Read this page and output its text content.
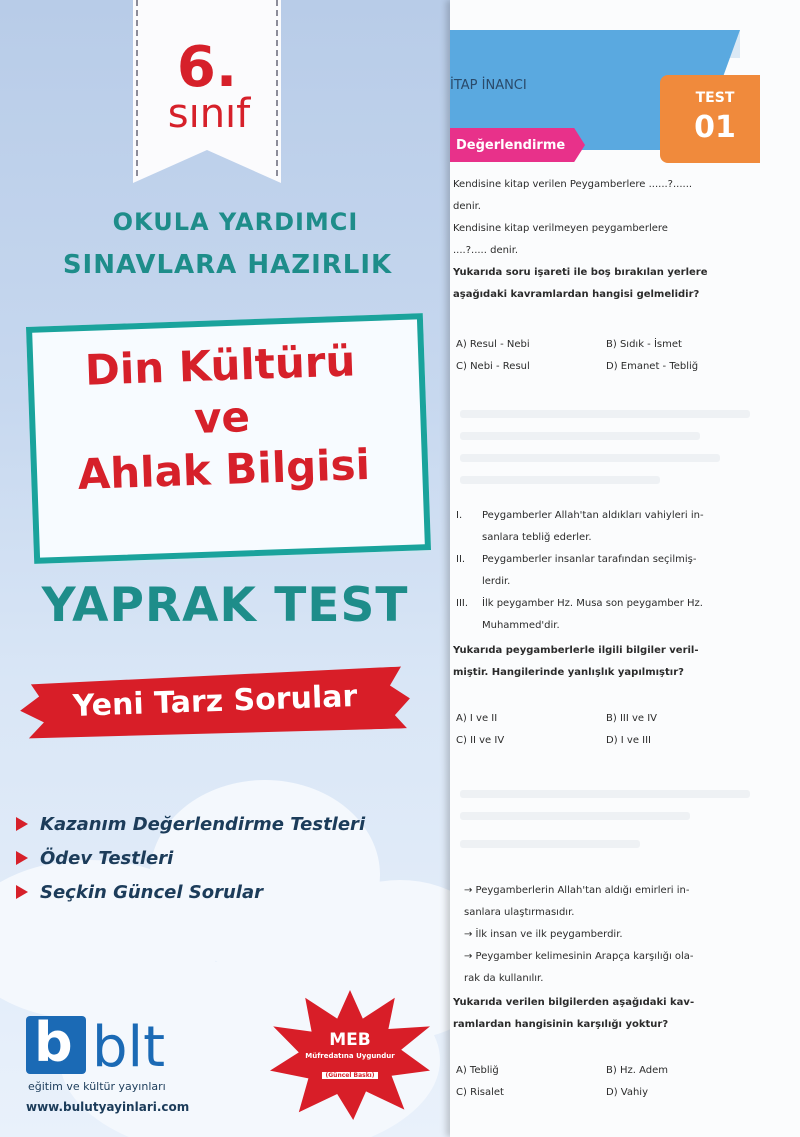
6.
sınıf
OKULA YARDIMCI
SINAVLARA HAZIRLIK
Din Kültürü
ve
Ahlak Bilgisi
YAPRAK TEST
Yeni Tarz Sorular
Kazanım Değerlendirme Testleri
Ödev Testleri
Seçkin Güncel Sorular
b blt
eğitim ve kültür yayınları
www.bulutyayinlari.com
MEB
Müfredatına Uygundur
(Güncel Baskı)
İTAP İNANCI
TEST
01
Değerlendirme
Kendisine kitap verilen Peygamberlere ......?......
denir.
Kendisine kitap verilmeyen peygamberlere
....?..... denir.
Yukarıda soru işareti ile boş bırakılan yerlere
aşağıdaki kavramlardan hangisi gelmelidir?
A) Resul - Nebi	B) Sıdık - İsmet
C) Nebi - Resul	D) Emanet - Tebliğ
I.	Peygamberler Allah'tan aldıkları vahiyleri in-
sanlara tebliğ ederler.
II.	Peygamberler insanlar tarafından seçilmiş-
lerdir.
III.	İlk peygamber Hz. Musa son peygamber Hz.
Muhammed'dir.
Yukarıda peygamberlerle ilgili bilgiler veril-
miştir. Hangilerinde yanlışlık yapılmıştır?
A) I ve II	B) III ve IV
C) II ve IV	D) I ve III
→ Peygamberlerin Allah'tan aldığı emirleri in-
sanlara ulaştırmasıdır.
→ İlk insan ve ilk peygamberdir.
→ Peygamber kelimesinin Arapça karşılığı ola-
rak da kullanılır.
Yukarıda verilen bilgilerden aşağıdaki kav-
ramlardan hangisinin karşılığı yoktur?
A) Tebliğ	B) Hz. Adem
C) Risalet	D) Vahiy
